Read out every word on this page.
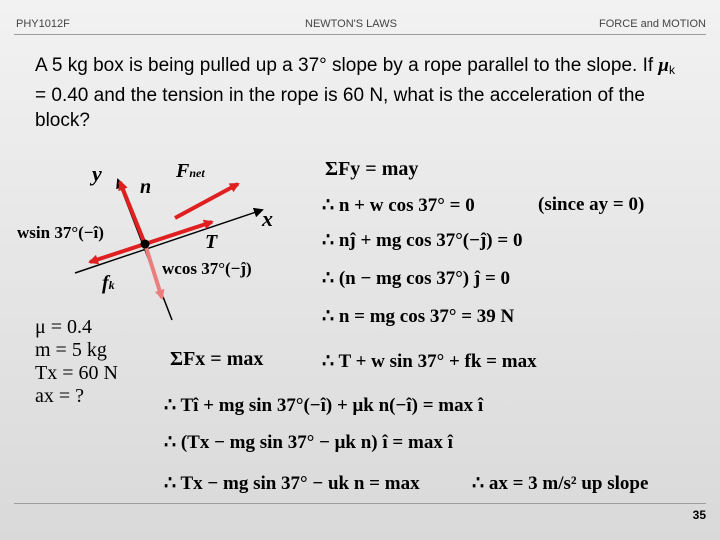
PHY1012F	NEWTON'S LAWS	FORCE and MOTION
A 5 kg box is being pulled up a 37° slope by a rope parallel to the slope. If $\mu_k = 0.40$ and the tension in the rope is 60 N, what is the acceleration of the block?
y
x
n
Fnet
T
fk
wsin 37°(−î)
wcos 37°(−ĵ)
μ = 0.4
m = 5 kg
Tx = 60 N
ax = ?
ΣFy = may
∴ n + w cos 37° = 0	(since ay = 0)
∴ nĵ + mg cos 37°(−ĵ) = 0
∴ (n − mg cos 37°) ĵ = 0
∴ n = mg cos 37° = 39 N
ΣFx = max	∴ T + w sin 37° + fk = max
∴ Tî + mg sin 37°(−î) + μk n(−î) = max î
∴ (Tx − mg sin 37° − μk n) î = max î
∴ Tx − mg sin 37° − uk n = max	∴ ax = 3 m/s² up slope
35
